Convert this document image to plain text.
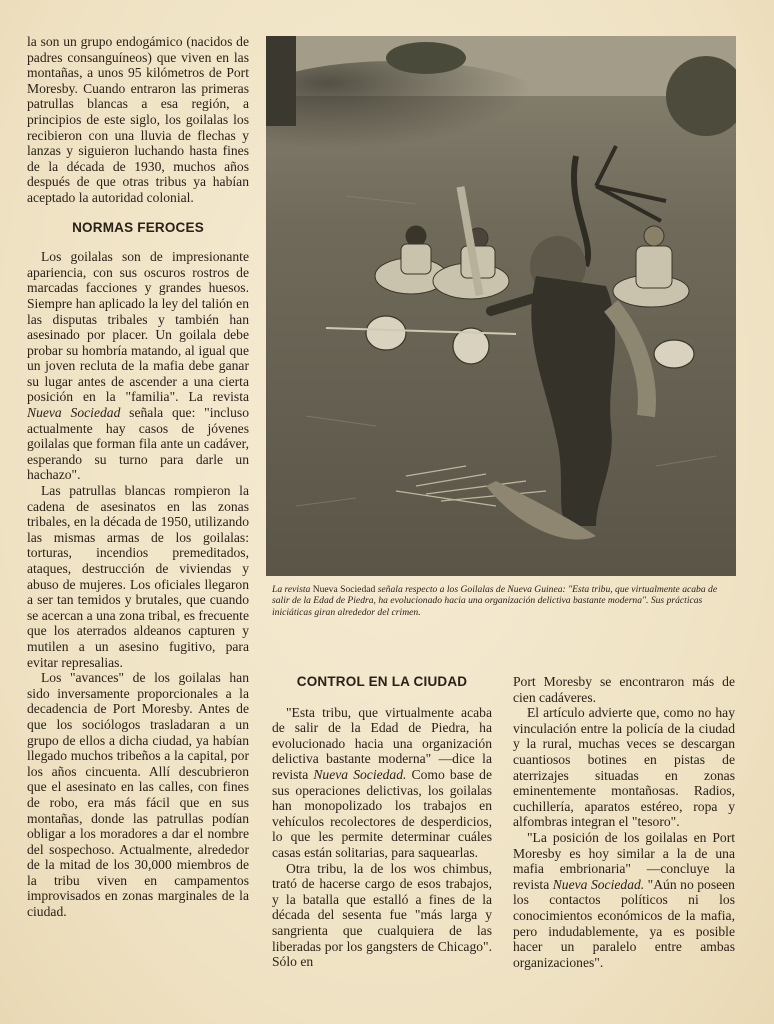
la son un grupo endogámico (nacidos de padres consanguíneos) que viven en las montañas, a unos 95 kilómetros de Port Moresby. Cuando entraron las primeras patrullas blancas a esa región, a principios de este siglo, los goilalas los recibieron con una lluvia de flechas y lanzas y siguieron luchando hasta fines de la década de 1930, muchos años después de que otras tribus ya habían aceptado la autoridad colonial.

NORMAS FEROCES

Los goilalas son de impresionante apariencia, con sus oscuros rostros de marcadas facciones y grandes huesos. Siempre han aplicado la ley del talión en las disputas tribales y también han asesinado por placer. Un goilala debe probar su hombría matando, al igual que un joven recluta de la mafia debe ganar su lugar antes de ascender a una cierta posición en la "familia". La revista Nueva Sociedad señala que: "incluso actualmente hay casos de jóvenes goilalas que forman fila ante un cadáver, esperando su turno para darle un hachazo".

Las patrullas blancas rompieron la cadena de asesinatos en las zonas tribales, en la década de 1950, utilizando las mismas armas de los goilalas: torturas, incendios premeditados, ataques, destrucción de viviendas y abuso de mujeres. Los oficiales llegaron a ser tan temidos y brutales, que cuando se acercan a una zona tribal, es frecuente que los aterrados aldeanos capturen y mutilen a un asesino fugitivo, para evitar represalias.

Los "avances" de los goilalas han sido inversamente proporcionales a la decadencia de Port Moresby. Antes de que los sociólogos trasladaran a un grupo de ellos a dicha ciudad, ya habían llegado muchos tribeños a la capital, por los años cincuenta. Allí descubrieron que el asesinato en las calles, con fines de robo, era más fácil que en sus montañas, donde las patrullas podían obligar a los moradores a dar el nombre del sospechoso. Actualmente, alrededor de la mitad de los 30,000 miembros de la tribu viven en campamentos improvisados en zonas marginales de la ciudad.

La revista Nueva Sociedad señala respecto a los Goilalas de Nueva Guinea: "Esta tribu, que virtualmente acaba de salir de la Edad de Piedra, ha evolucionado hacia una organización delictiva bastante moderna". Sus prácticas iniciáticas giran alrededor del crimen.
CONTROL EN LA CIUDAD

"Esta tribu, que virtualmente acaba de salir de la Edad de Piedra, ha evolucionado hacia una organización delictiva bastante moderna" —dice la revista Nueva Sociedad. Como base de sus operaciones delictivas, los goilalas han monopolizado los trabajos en vehículos recolectores de desperdicios, lo que les permite determinar cuáles casas están solitarias, para saquearlas.

Otra tribu, la de los wos chimbus, trató de hacerse cargo de esos trabajos, y la batalla que estalló a fines de la década del sesenta fue "más larga y sangrienta que cualquiera de las liberadas por los gangsters de Chicago". Sólo en

Port Moresby se encontraron más de cien cadáveres.

El artículo advierte que, como no hay vinculación entre la policía de la ciudad y la rural, muchas veces se descargan cuantiosos botines en pistas de aterrizajes situadas en zonas eminentemente montañosas. Radios, cuchillería, aparatos estéreo, ropa y alfombras integran el "tesoro".

"La posición de los goilalas en Port Moresby es hoy similar a la de una mafia embrionaria" —concluye la revista Nueva Sociedad. "Aún no poseen los contactos políticos ni los conocimientos económicos de la mafia, pero indudablemente, ya es posible hacer un paralelo entre ambas organizaciones".
